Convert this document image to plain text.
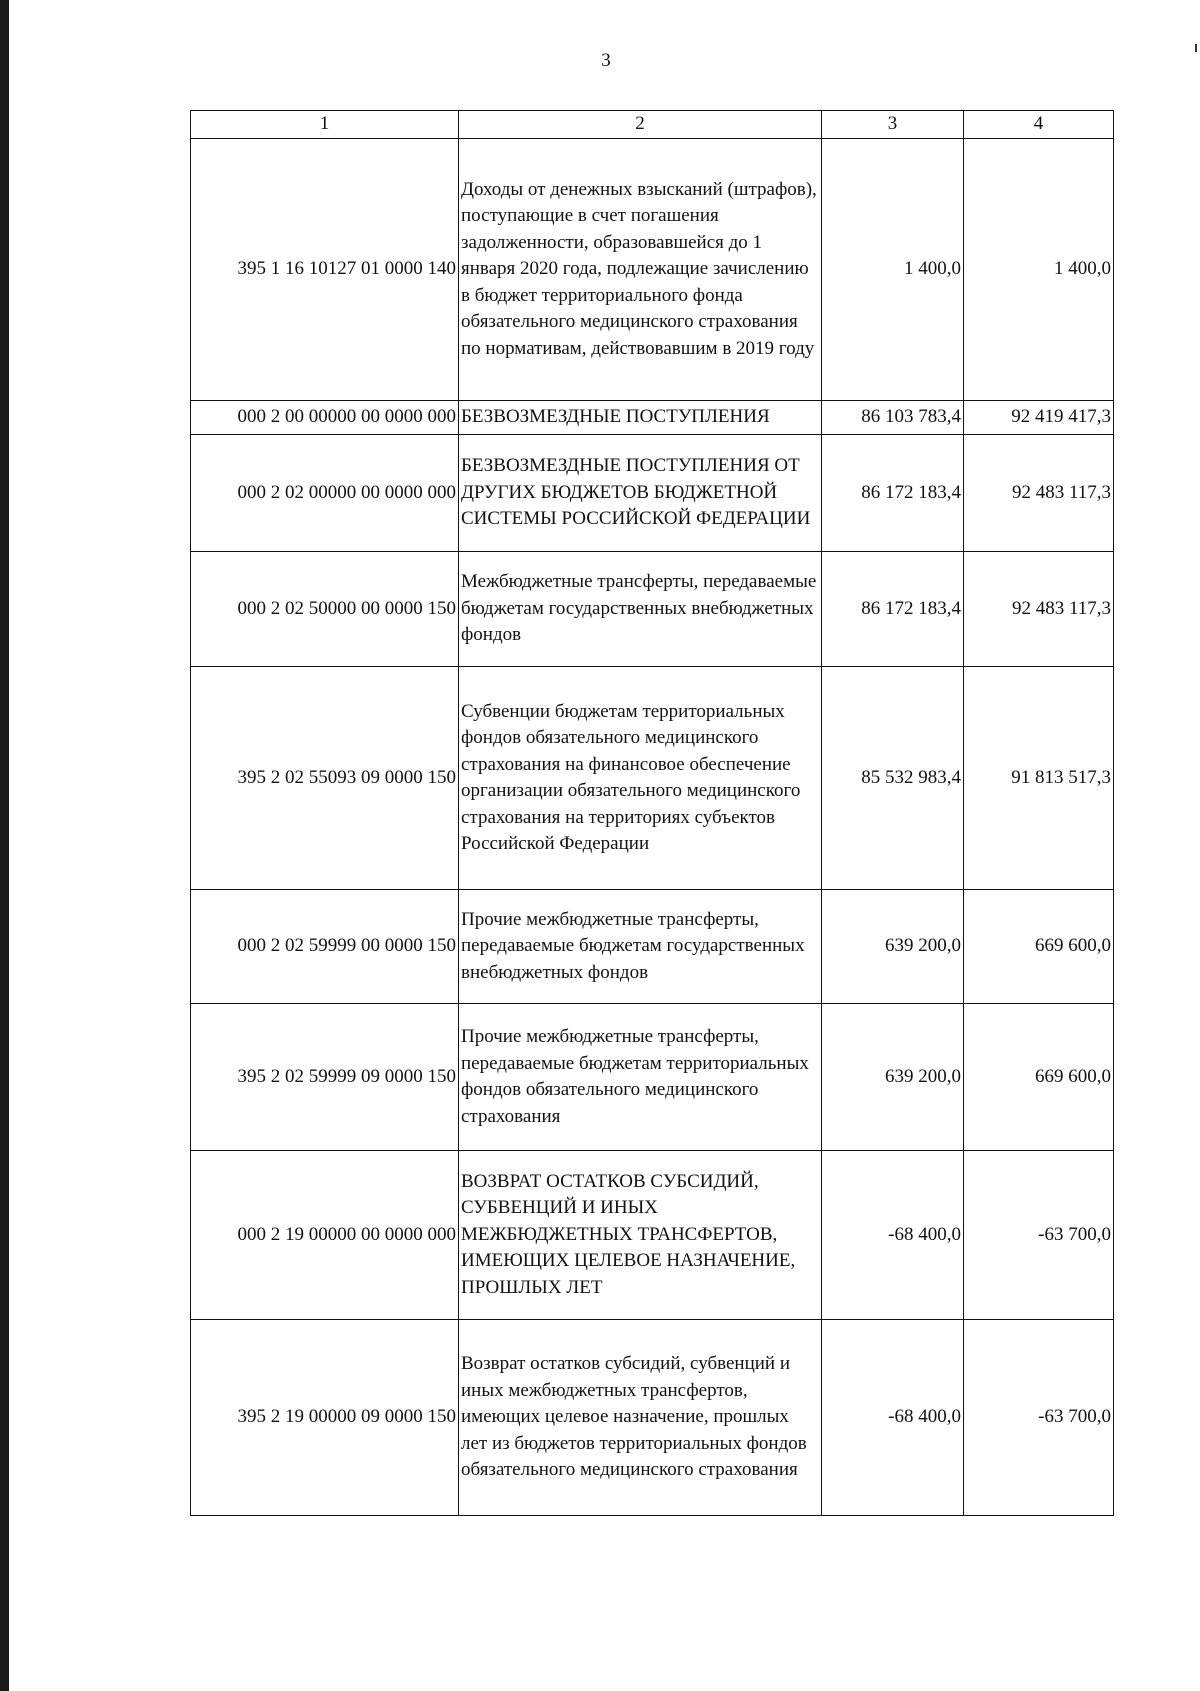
3
1	2	3	4
395 1 16 10127 01 0000 140	Доходы от денежных взысканий (штрафов), поступающие в счет погашения задолженности, образовавшейся до 1 января 2020 года, подлежащие зачислению в бюджет территориального фонда обязательного медицинского страхования по нормативам, действовавшим в 2019 году	1 400,0	1 400,0
000 2 00 00000 00 0000 000	БЕЗВОЗМЕЗДНЫЕ ПОСТУПЛЕНИЯ	86 103 783,4	92 419 417,3
000 2 02 00000 00 0000 000	БЕЗВОЗМЕЗДНЫЕ ПОСТУПЛЕНИЯ ОТ ДРУГИХ БЮДЖЕТОВ БЮДЖЕТНОЙ СИСТЕМЫ РОССИЙСКОЙ ФЕДЕРАЦИИ	86 172 183,4	92 483 117,3
000 2 02 50000 00 0000 150	Межбюджетные трансферты, передаваемые бюджетам государственных внебюджетных фондов	86 172 183,4	92 483 117,3
395 2 02 55093 09 0000 150	Субвенции бюджетам территориальных фондов обязательного медицинского страхования на финансовое обеспечение организации обязательного медицинского страхования на территориях субъектов Российской Федерации	85 532 983,4	91 813 517,3
000 2 02 59999 00 0000 150	Прочие межбюджетные трансферты, передаваемые бюджетам государственных внебюджетных фондов	639 200,0	669 600,0
395 2 02 59999 09 0000 150	Прочие межбюджетные трансферты, передаваемые бюджетам территориальных фондов обязательного медицинского страхования	639 200,0	669 600,0
000 2 19 00000 00 0000 000	ВОЗВРАТ ОСТАТКОВ СУБСИДИЙ, СУБВЕНЦИЙ И ИНЫХ МЕЖБЮДЖЕТНЫХ ТРАНСФЕРТОВ, ИМЕЮЩИХ ЦЕЛЕВОЕ НАЗНАЧЕНИЕ, ПРОШЛЫХ ЛЕТ	-68 400,0	-63 700,0
395 2 19 00000 09 0000 150	Возврат остатков субсидий, субвенций и иных межбюджетных трансфертов, имеющих целевое назначение, прошлых лет из бюджетов территориальных фондов обязательного медицинского страхования	-68 400,0	-63 700,0
